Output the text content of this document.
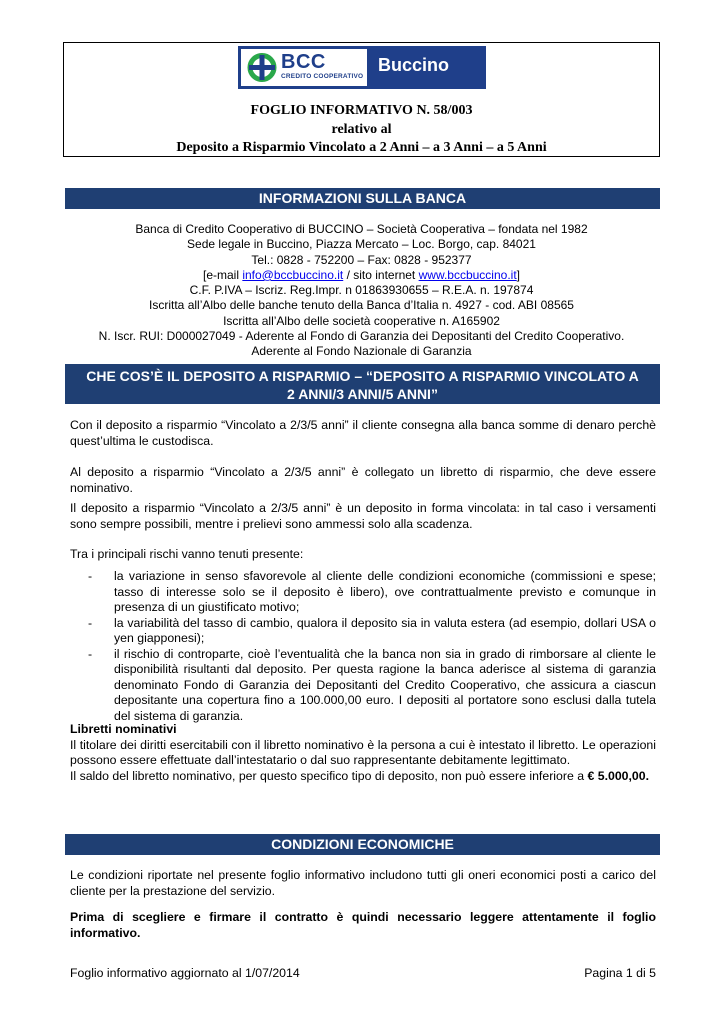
BCC
CREDITO COOPERATIVO
Buccino
FOGLIO INFORMATIVO N. 58/003
relativo al
Deposito a Risparmio Vincolato a 2 Anni – a 3 Anni – a 5 Anni
INFORMAZIONI SULLA BANCA
Banca di Credito Cooperativo di BUCCINO – Società Cooperativa – fondata nel 1982
Sede legale in Buccino, Piazza Mercato – Loc. Borgo, cap. 84021
Tel.: 0828 - 752200 – Fax: 0828 - 952377
[e-mail info@bccbuccino.it / sito internet www.bccbuccino.it]
C.F. P.IVA – Iscriz. Reg.Impr. n 01863930655 – R.E.A. n. 197874
Iscritta all’Albo delle banche tenuto della Banca d’Italia n. 4927 - cod. ABI 08565
Iscritta all’Albo delle società cooperative n. A165902
N. Iscr. RUI: D000027049 - Aderente al Fondo di Garanzia dei Depositanti del Credito Cooperativo.
Aderente al Fondo Nazionale di Garanzia
CHE COS’È IL DEPOSITO A RISPARMIO – “DEPOSITO A RISPARMIO VINCOLATO A
2 ANNI/3 ANNI/5 ANNI”
Con il deposito a risparmio “Vincolato a 2/3/5 anni” il cliente consegna alla banca somme di denaro perchè quest’ultima le custodisca.
Al deposito a risparmio “Vincolato a 2/3/5 anni” è collegato un libretto di risparmio, che deve essere nominativo.
Il deposito a risparmio “Vincolato a 2/3/5 anni” è un deposito in forma vincolata: in tal caso i versamenti sono sempre possibili, mentre i prelievi sono ammessi solo alla scadenza.
Tra i principali rischi vanno tenuti presente:
- la variazione in senso sfavorevole al cliente delle condizioni economiche (commissioni e spese; tasso di interesse solo se il deposito è libero), ove contrattualmente previsto e comunque in presenza di un giustificato motivo;
- la variabilità del tasso di cambio, qualora il deposito sia in valuta estera (ad esempio, dollari USA o yen giapponesi);
- il rischio di controparte, cioè l’eventualità che la banca non sia in grado di rimborsare al cliente le disponibilità risultanti dal deposito. Per questa ragione la banca aderisce al sistema di garanzia denominato Fondo di Garanzia dei Depositanti del Credito Cooperativo, che assicura a ciascun depositante una copertura fino a 100.000,00 euro. I depositi al portatore sono esclusi dalla tutela del sistema di garanzia.
Libretti nominativi
Il titolare dei diritti esercitabili con il libretto nominativo è la persona a cui è intestato il libretto. Le operazioni possono essere effettuate dall’intestatario o dal suo rappresentante debitamente legittimato.
Il saldo del libretto nominativo, per questo specifico tipo di deposito, non può essere inferiore a € 5.000,00.
CONDIZIONI ECONOMICHE
Le condizioni riportate nel presente foglio informativo includono tutti gli oneri economici posti a carico del cliente per la prestazione del servizio.
Prima di scegliere e firmare il contratto è quindi necessario leggere attentamente il foglio informativo.
Foglio informativo aggiornato al 1/07/2014	Pagina 1 di 5
